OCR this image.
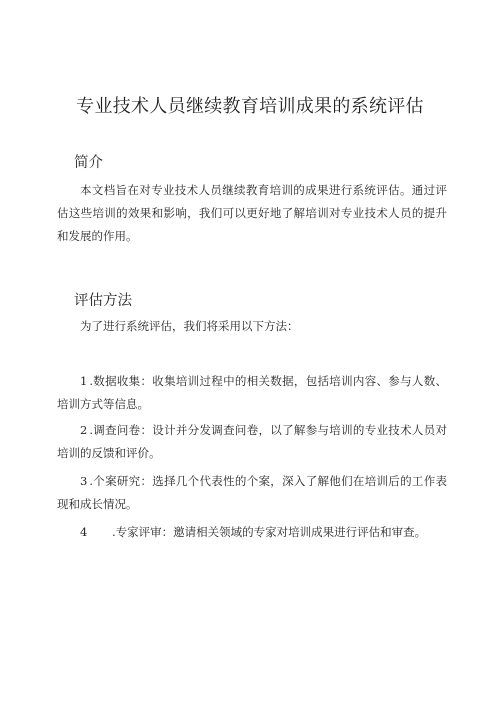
专业技术人员继续教育培训成果的系统评估
简介
本文档旨在对专业技术人员继续教育培训的成果进行系统评估。通过评估这些培训的效果和影响，我们可以更好地了解培训对专业技术人员的提升和发展的作用。
评估方法
为了进行系统评估，我们将采用以下方法：
1 .数据收集：收集培训过程中的相关数据，包括培训内容、参与人数、培训方式等信息。
2 .调查问卷：设计并分发调查问卷，以了解参与培训的专业技术人员对培训的反馈和评价。
3 .个案研究：选择几个代表性的个案，深入了解他们在培训后的工作表现和成长情况。
4 .专家评审：邀请相关领域的专家对培训成果进行评估和审查。
